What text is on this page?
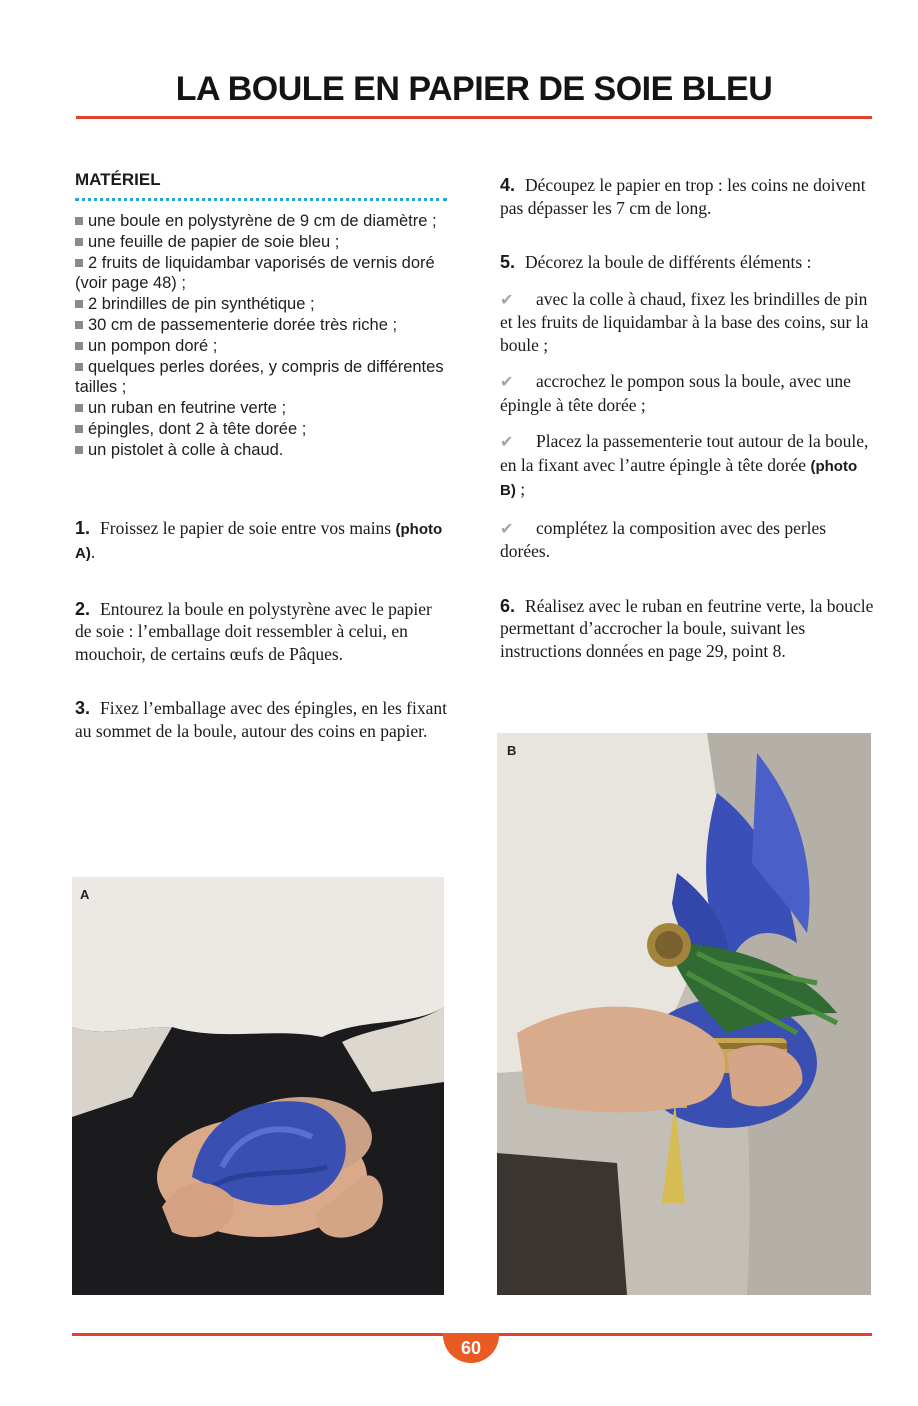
LA BOULE EN PAPIER DE SOIE BLEU
MATÉRIEL
une boule en polystyrène de 9 cm de diamètre ;
une feuille de papier de soie bleu ;
2 fruits de liquidambar vaporisés de vernis doré (voir page 48) ;
2 brindilles de pin synthétique ;
30 cm de passementerie dorée très riche ;
un pompon doré ;
quelques perles dorées, y compris de différentes tailles ;
un ruban en feutrine verte ;
épingles, dont 2 à tête dorée ;
un pistolet à colle à chaud.

1. Froissez le papier de soie entre vos mains (photo A).

2. Entourez la boule en polystyrène avec le papier de soie : l’emballage doit ressembler à celui, en mouchoir, de certains œufs de Pâques.

3. Fixez l’emballage avec des épingles, en les fixant au sommet de la boule, autour des coins en papier.

4. Découpez le papier en trop : les coins ne doivent pas dépasser les 7 cm de long.

5. Décorez la boule de différents éléments :

✔ avec la colle à chaud, fixez les brindilles de pin et les fruits de liquidambar à la base des coins, sur la boule ;

✔ accrochez le pompon sous la boule, avec une épingle à tête dorée ;

✔ Placez la passementerie tout autour de la boule, en la fixant avec l’autre épingle à tête dorée (photo B) ;

✔ complétez la composition avec des perles dorées.

6. Réalisez avec le ruban en feutrine verte, la boucle permettant d’accrocher la boule, suivant les instructions données en page 29, point 8.

A
B
60
